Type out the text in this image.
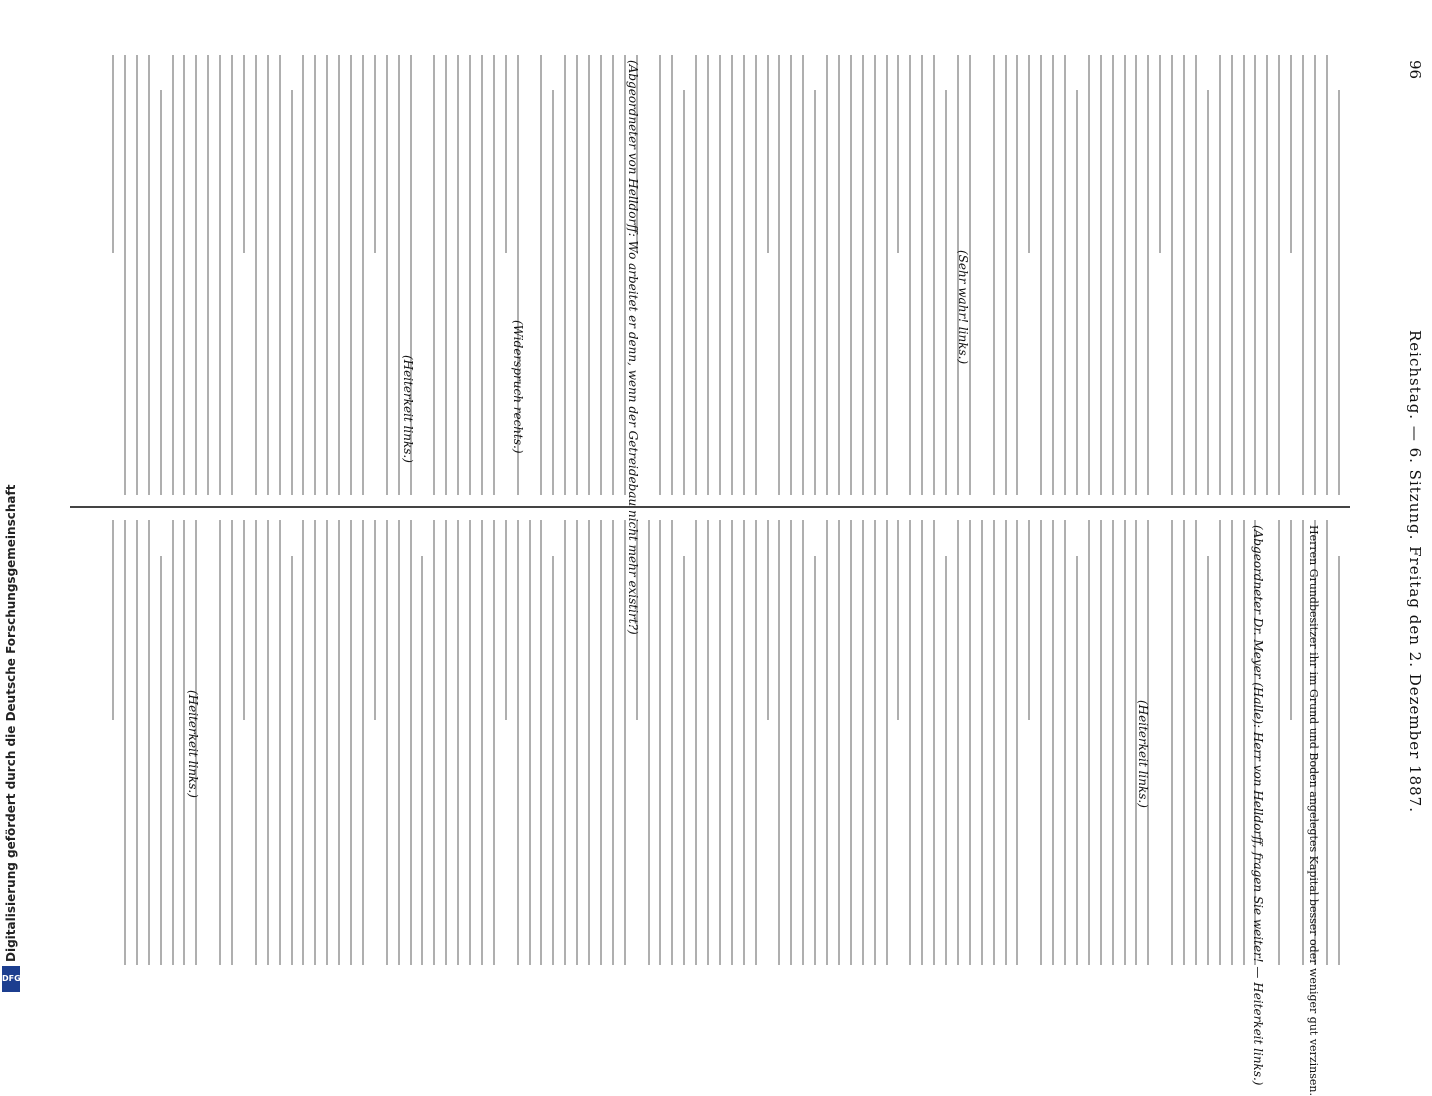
96
Reichstag. — 6. Sitzung. Freitag den 2. Dezember 1887.
(Sehr wahr! links.)
(Abgeordneter von Helldorff: Wo arbeitet er denn, wenn der Getreidebau nicht mehr existirt?)
(Widerspruch rechts.)
(Heiterkeit links.)
Herren Grundbesitzer ihr im Grund und Boden angelegtes Kapital besser oder weniger gut verzinsen.
(Abgeordneter Dr. Meyer (Halle): Herr von Helldorff, fragen Sie weiter! — Heiterkeit links.)
(Heiterkeit links.)
(Heiterkeit links.)
Digitalisierung gefördert durch die Deutsche Forschungsgemeinschaft
DFG
